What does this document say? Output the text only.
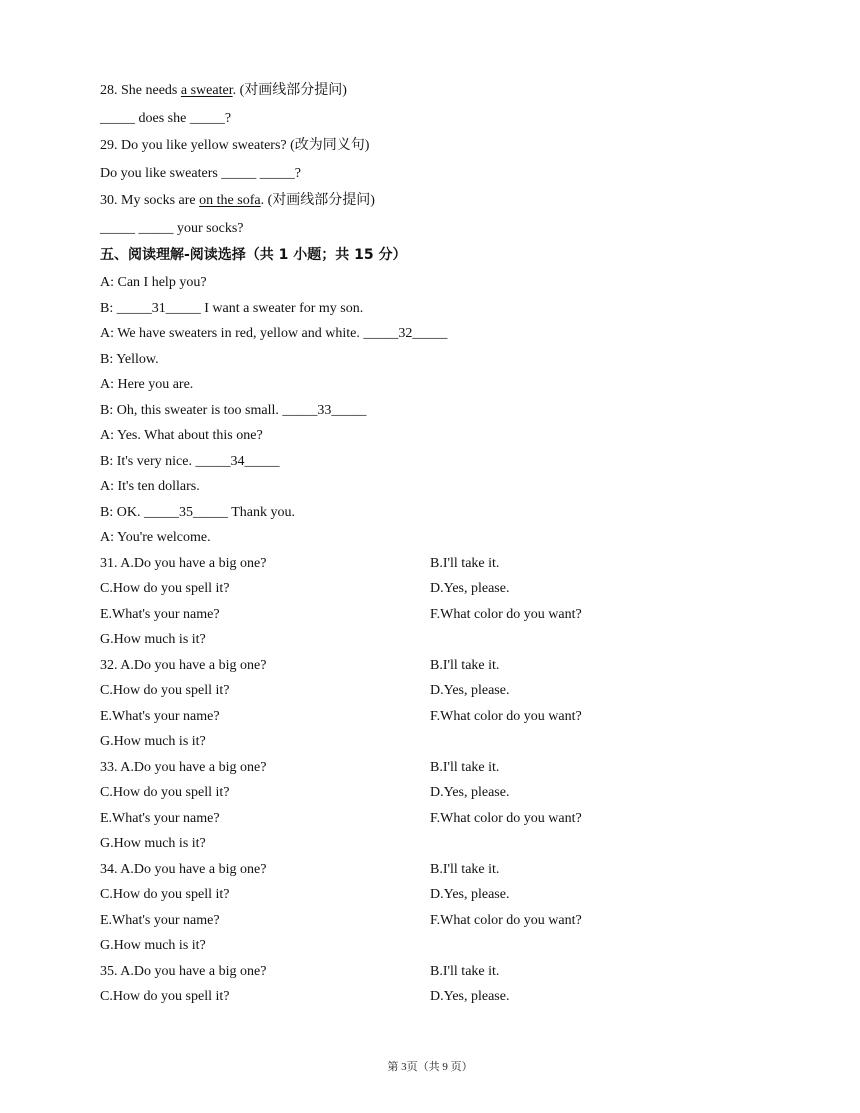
28. She needs a sweater. (对画线部分提问)
_____ does she _____?
29. Do you like yellow sweaters? (改为同义句)
Do you like sweaters _____ _____?
30. My socks are on the sofa. (对画线部分提问)
_____ _____ your socks?
五、阅读理解-阅读选择（共 1 小题；共 15 分）
A: Can I help you?
B: _____31_____ I want a sweater for my son.
A: We have sweaters in red, yellow and white. _____32_____
B: Yellow.
A: Here you are.
B: Oh, this sweater is too small. _____33_____
A: Yes. What about this one?
B: It's very nice. _____34_____
A: It's ten dollars.
B: OK. _____35_____ Thank you.
A: You're welcome.
31. A.Do you have a big one?	B.I'll take it.
C.How do you spell it?	D.Yes, please.
E.What's your name?	F.What color do you want?
G.How much is it?
32. A.Do you have a big one?	B.I'll take it.
C.How do you spell it?	D.Yes, please.
E.What's your name?	F.What color do you want?
G.How much is it?
33. A.Do you have a big one?	B.I'll take it.
C.How do you spell it?	D.Yes, please.
E.What's your name?	F.What color do you want?
G.How much is it?
34. A.Do you have a big one?	B.I'll take it.
C.How do you spell it?	D.Yes, please.
E.What's your name?	F.What color do you want?
G.How much is it?
35. A.Do you have a big one?	B.I'll take it.
C.How do you spell it?	D.Yes, please.
第 3页（共 9 页）
